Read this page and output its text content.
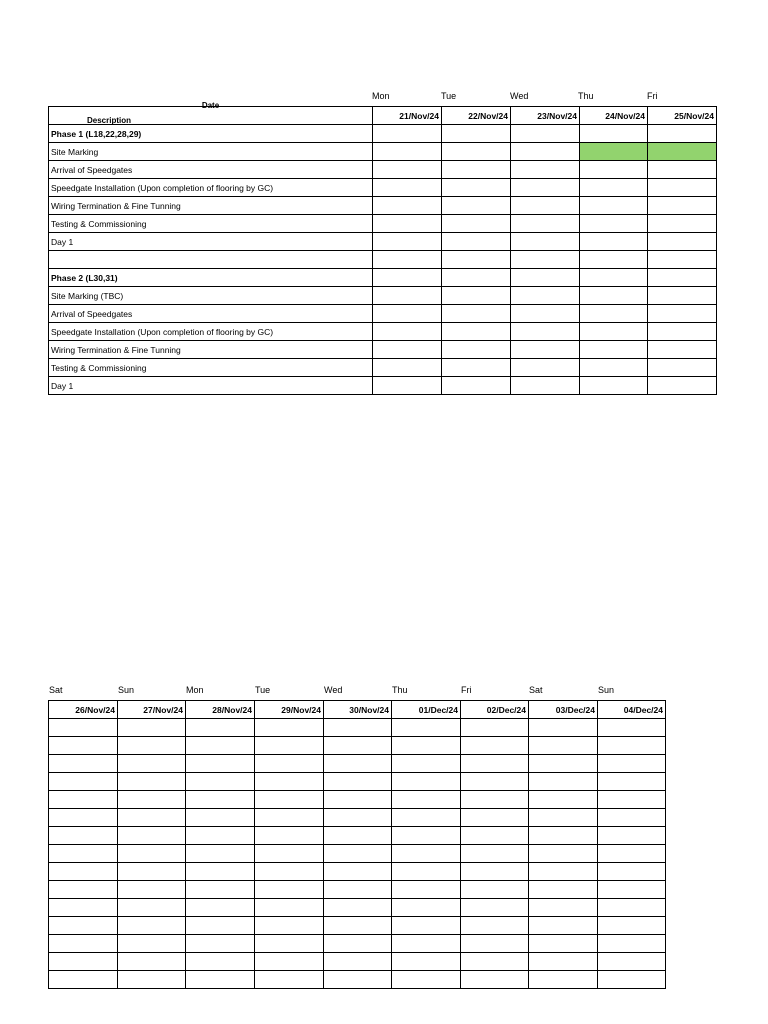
Mon	Tue	Wed	Thu	Fri
Date
Description	21/Nov/24	22/Nov/24	23/Nov/24	24/Nov/24	25/Nov/24
Phase 1 (L18,22,28,29)					
Site Marking					
Arrival of Speedgates					
Speedgate Installation (Upon completion of flooring by GC)					
Wiring Termination & Fine Tunning					
Testing & Commissioning					
Day 1					

Phase 2 (L30,31)					
Site Marking (TBC)					
Arrival of Speedgates					
Speedgate Installation (Upon completion of flooring by GC)					
Wiring Termination & Fine Tunning					
Testing & Commissioning					
Day 1					
Sat	Sun	Mon	Tue	Wed	Thu	Fri	Sat	Sun
26/Nov/24	27/Nov/24	28/Nov/24	29/Nov/24	30/Nov/24	01/Dec/24	02/Dec/24	03/Dec/24	04/Dec/24
